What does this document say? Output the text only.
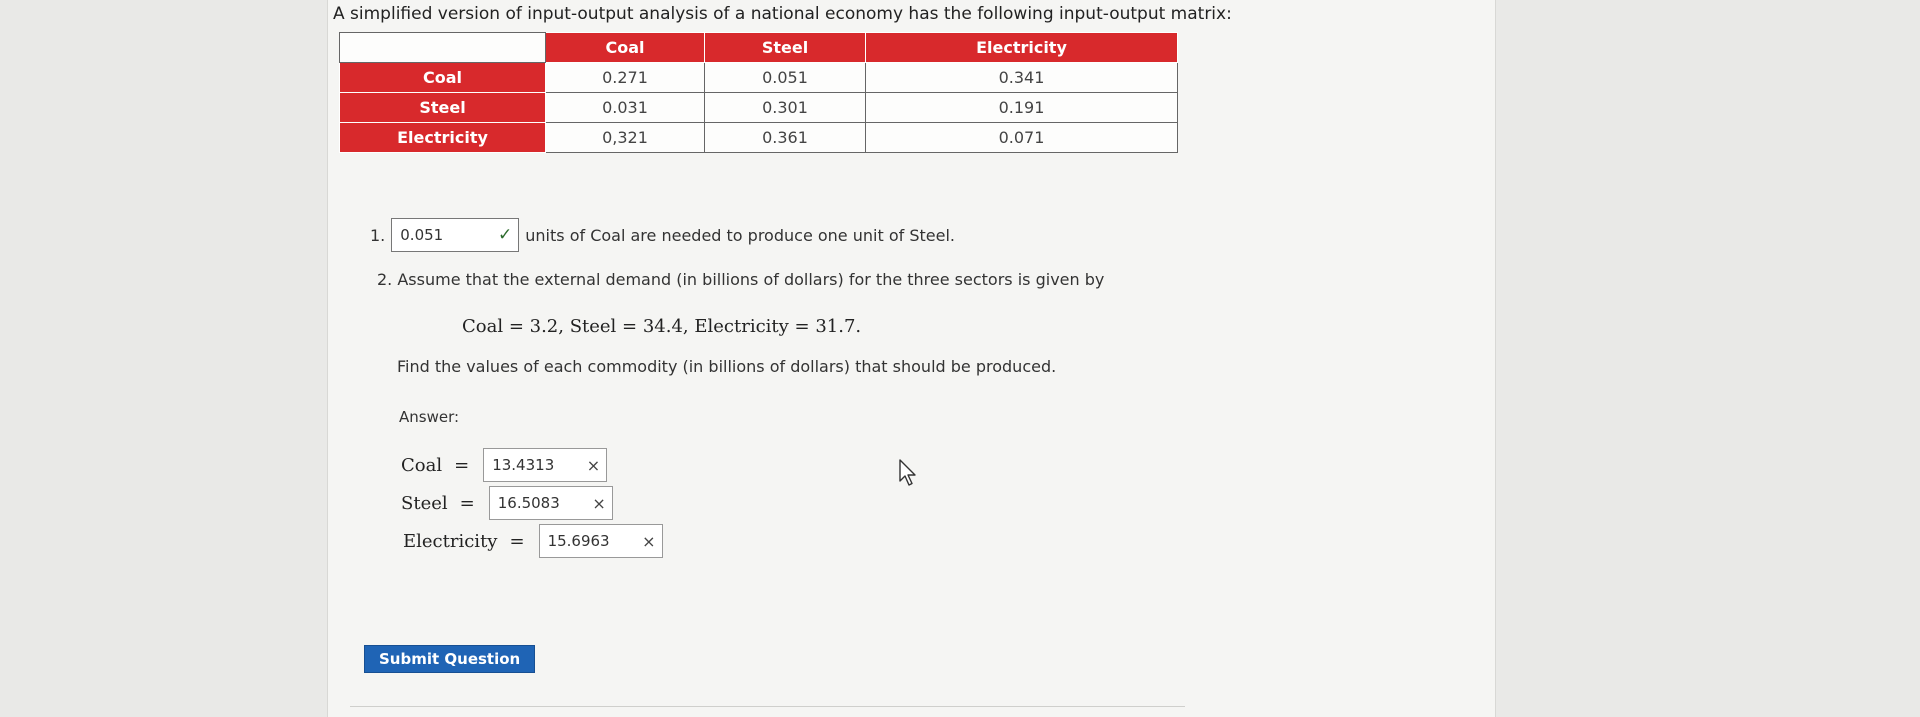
A simplified version of input-output analysis of a national economy has the following input-output matrix:
	Coal	Steel	Electricity
Coal	0.271	0.051	0.341
Steel	0.031	0.301	0.191
Electricity	0,321	0.361	0.071
1. 0.051	✓ units of Coal are needed to produce one unit of Steel.
2. Assume that the external demand (in billions of dollars) for the three sectors is given by
Coal = 3.2, Steel = 34.4, Electricity = 31.7.
Find the values of each commodity (in billions of dollars) that should be produced.
Answer:
Coal = 13.4313 ×
Steel = 16.5083 ×
Electricity = 15.6963 ×
Submit Question
